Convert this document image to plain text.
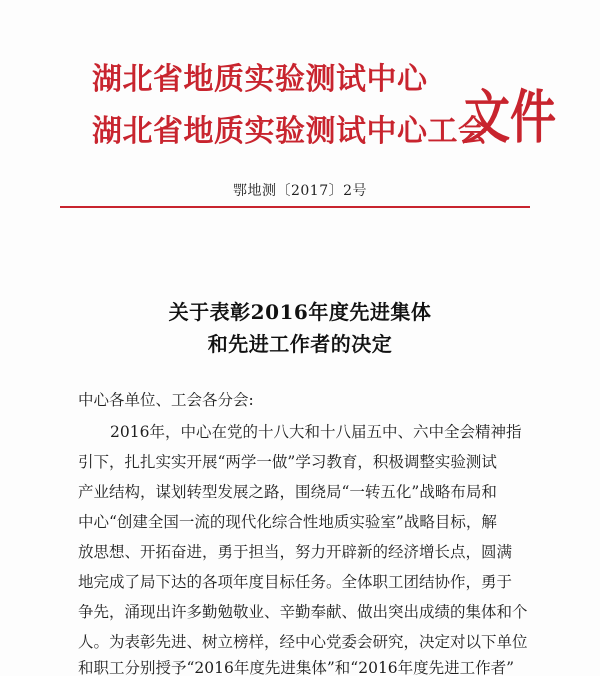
湖北省地质实验测试中心
湖北省地质实验测试中心工会
文件
鄂地测〔2017〕2号
关于表彰2016年度先进集体
和先进工作者的决定
中心各单位、工会各分会:
2016年，中心在党的十八大和十八届五中、六中全会精神指
引下，扎扎实实开展“两学一做”学习教育，积极调整实验测试
产业结构，谋划转型发展之路，围绕局“一转五化”战略布局和
中心“创建全国一流的现代化综合性地质实验室”战略目标，解
放思想、开拓奋进，勇于担当，努力开辟新的经济增长点，圆满
地完成了局下达的各项年度目标任务。全体职工团结协作，勇于
争先，涌现出许多勤勉敬业、辛勤奉献、做出突出成绩的集体和个
人。为表彰先进、树立榜样，经中心党委会研究，决定对以下单位
和职工分别授予“2016年度先进集体”和“2016年度先进工作者”
